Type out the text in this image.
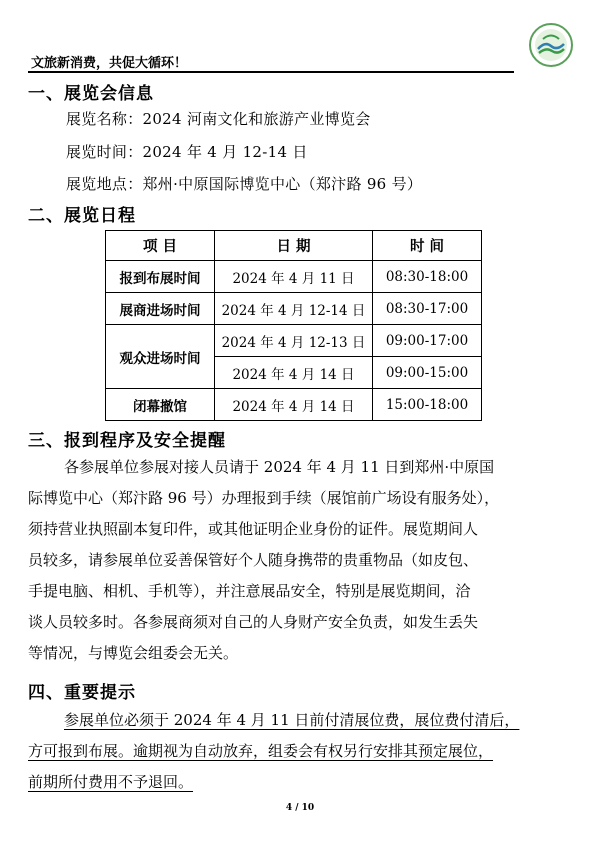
文旅新消费，共促大循环！
一、展览会信息
展览名称：2024 河南文化和旅游产业博览会
展览时间：2024 年 4 月 12-14 日
展览地点：郑州·中原国际博览中心（郑汴路 96 号）
二、展览日程
项 目	日 期	时 间
报到布展时间	2024 年 4 月 11 日	08:30-18:00
展商进场时间	2024 年 4 月 12-14 日	08:30-17:00
观众进场时间	2024 年 4 月 12-13 日	09:00-17:00
	2024 年 4 月 14 日	09:00-15:00
闭幕撤馆	2024 年 4 月 14 日	15:00-18:00
三、报到程序及安全提醒
各参展单位参展对接人员请于 2024 年 4 月 11 日到郑州·中原国
际博览中心（郑汴路 96 号）办理报到手续（展馆前广场设有服务处），
须持营业执照副本复印件，或其他证明企业身份的证件。展览期间人
员较多，请参展单位妥善保管好个人随身携带的贵重物品（如皮包、
手提电脑、相机、手机等），并注意展品安全，特别是展览期间，洽
谈人员较多时。各参展商须对自己的人身财产安全负责，如发生丢失
等情况，与博览会组委会无关。
四、重要提示
参展单位必须于 2024 年 4 月 11 日前付清展位费，展位费付清后，
方可报到布展。逾期视为自动放弃，组委会有权另行安排其预定展位，
前期所付费用不予退回。
4 / 10
